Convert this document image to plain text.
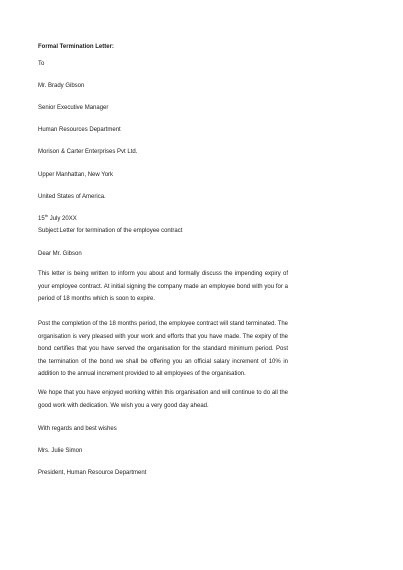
Formal Termination Letter:
To
Mr. Brady Gibson
Senior Executive Manager
Human Resources Department
Morison & Carter Enterprises Pvt Ltd.
Upper Manhattan, New York
United States of America.
15th July 20XX
Subject:Letter for termination of the employee contract
Dear Mr. Gibson
This letter is being written to inform you about and formally discuss the impending expiry of your employee contract. At initial signing the company made an employee bond with you for a period of 18 months which is soon to expire.
Post the completion of the 18 months period, the employee contract will stand terminated. The organisation is very pleased with your work and efforts that you have made. The expiry of the bond certifies that you have served the organisation for the standard minimum period. Post the termination of the bond we shall be offering you an official salary increment of 10% in addition to the annual increment provided to all employees of the organisation.
We hope that you have enjoyed working within this organisation and will continue to do all the good work with dedication. We wish you a very good day ahead.
With regards and best wishes
Mrs. Julie Simon
President, Human Resource Department
